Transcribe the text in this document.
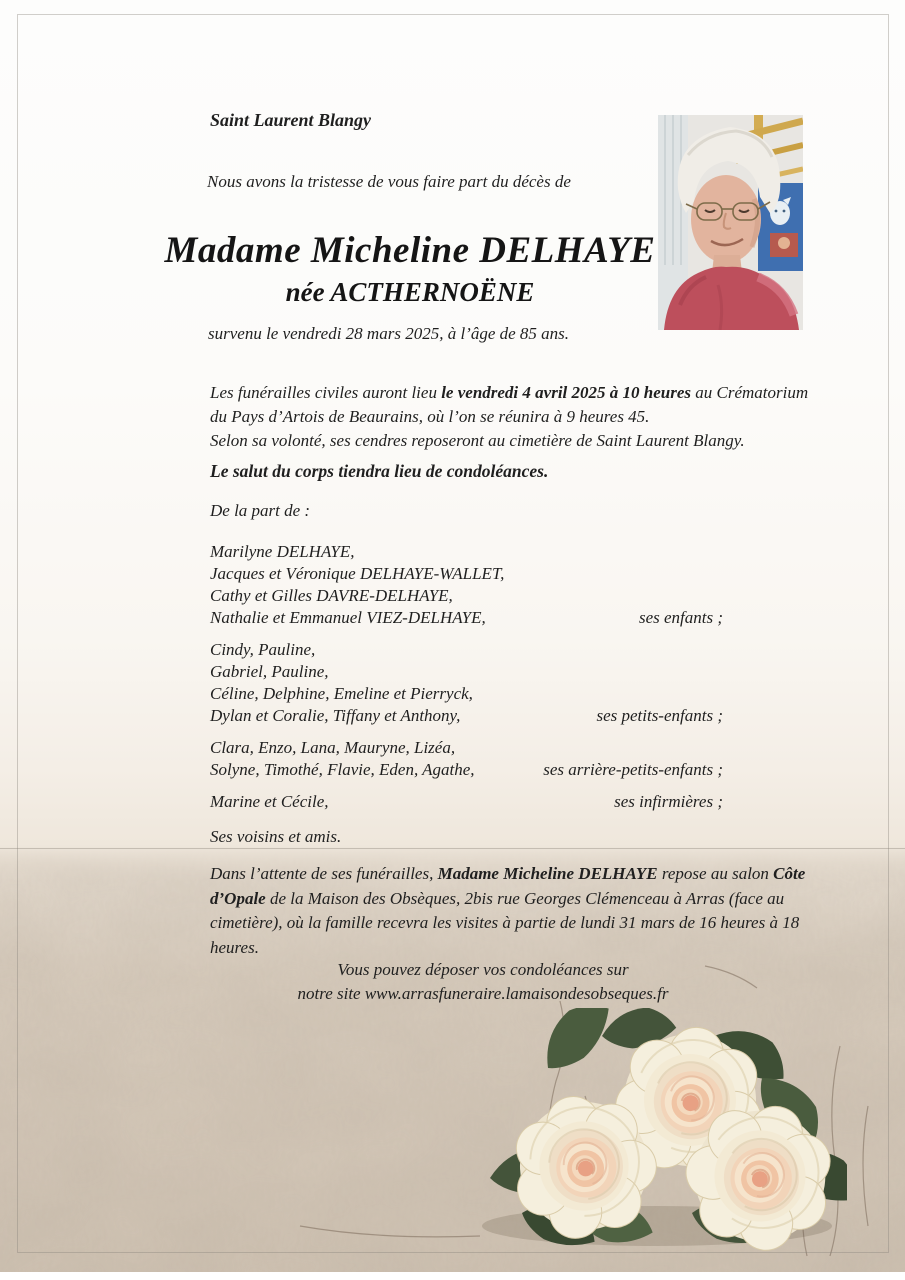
Saint Laurent Blangy
Nous avons la tristesse de vous faire part du décès de
Madame Micheline DELHAYE
née ACTHERNOËNE
survenu le vendredi 28 mars 2025, à l’âge de 85 ans.
Les funérailles civiles auront lieu le vendredi 4 avril 2025 à 10 heures au Crématorium
du Pays d’Artois de Beaurains, où l’on se réunira à 9 heures 45.
Selon sa volonté, ses cendres reposeront au cimetière de Saint Laurent Blangy.
Le salut du corps tiendra lieu de condoléances.
De la part de :
Marilyne DELHAYE,
Jacques et Véronique DELHAYE-WALLET,
Cathy et Gilles DAVRE-DELHAYE,
Nathalie et Emmanuel VIEZ-DELHAYE,	ses enfants ;
Cindy, Pauline,
Gabriel, Pauline,
Céline, Delphine, Emeline et Pierryck,
Dylan et Coralie, Tiffany et Anthony,	ses petits-enfants ;
Clara, Enzo, Lana, Mauryne, Lizéa,
Solyne, Timothé, Flavie, Eden, Agathe,	ses arrière-petits-enfants ;
Marine et Cécile,	ses infirmières ;
Ses voisins et amis.
Dans l’attente de ses funérailles, Madame Micheline DELHAYE repose au salon Côte
d’Opale de la Maison des Obsèques, 2bis rue Georges Clémenceau à Arras (face au
cimetière), où la famille recevra les visites à partie de lundi 31 mars de 16 heures à 18
heures.
Vous pouvez déposer vos condoléances sur
notre site www.arrasfuneraire.lamaisondesobseques.fr
